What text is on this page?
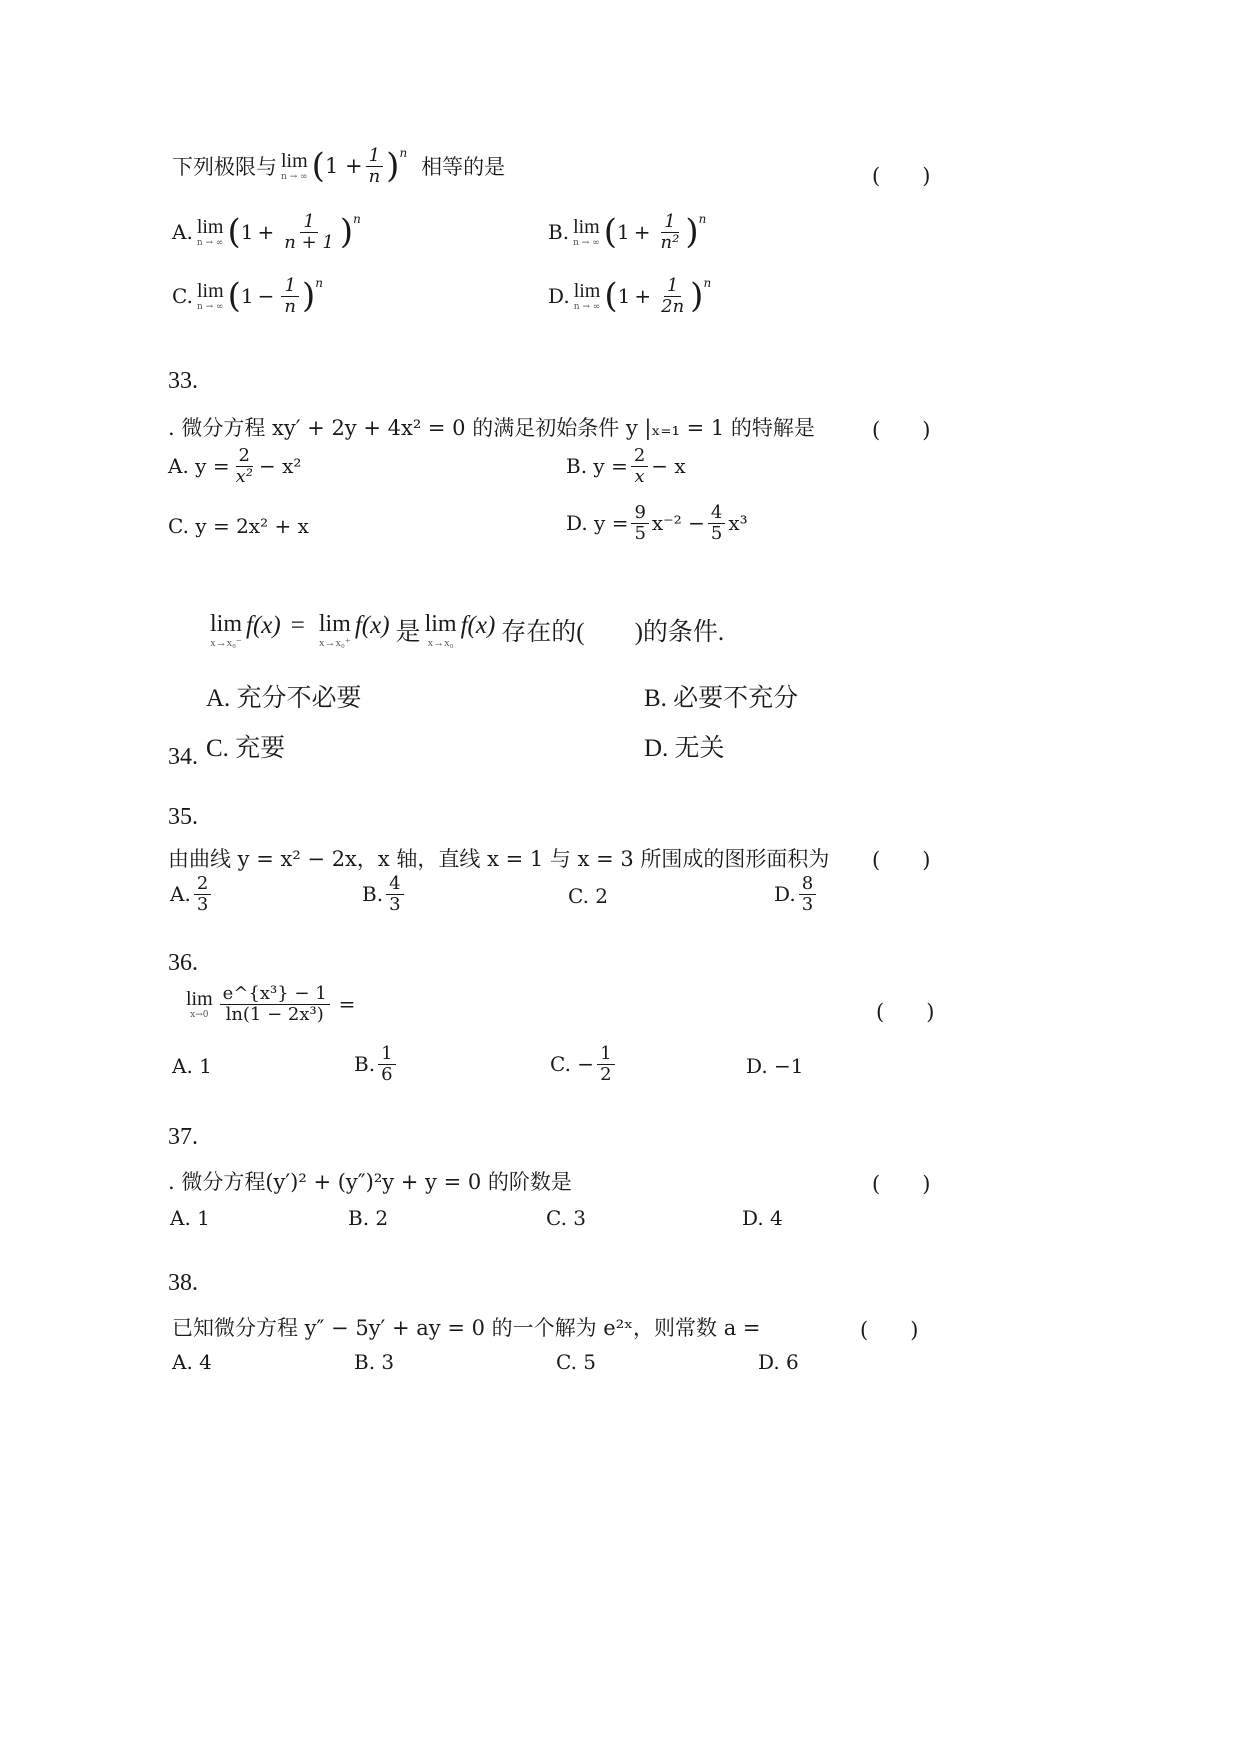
下列极限与 lim
n → ∞ ( $1 + \frac{1}{n} )^n$
相等的是	(　　)
A. lim
n → ∞ ( $1 + \frac{1}{n + 1} )^n$
B. lim
n → ∞ ( $1 + \frac{1}{\text{n²}} )^n$
C. lim
n → ∞ ( $1 - \frac{1}{n} )^n$
D. lim
n → ∞ ( $1 + \frac{1}{2n} )^n$
33.
. 微分方程 xy′ + 2y + 4x² = 0 的满足初始条件 y |ₓ₌₁ = 1 的特解是	(　　)
A. $y = \frac{2}{\text{x²}} - x^2$	B. $y = \frac{2}{x} - x$
C. y = 2x² + x	D. $y = \frac{9}{5} x^{-2} - \frac{4}{5} x^3$
lim
x→x₀⁻
f(x) = lim
x→x₀⁺
f(x) 是 lim
x→x₀
f(x) 存在的(　　)的条件.
A. 充分不必要	B. 必要不充分
C. 充要	D. 无关
34.
35.
由曲线 y = x² − 2x，x 轴，直线 x = 1 与 x = 3 所围成的图形面积为 (　　)
A. $\frac{2}{3}$	B. $\frac{4}{3}$	C. 2	D. $\frac{8}{3}$
36.
lim
$x\to 0 \frac{\text{e\textasciicircum{}\{x³\} − 1}}{\text{ln(1 − 2x³)}}$ =	(　　)
A. 1	B. $\frac{1}{6}$	C. − $\frac{1}{2}$	D. −1
37.
. 微分方程(y′)² + (y″)²y + y = 0 的阶数是	(　　)
A. 1	B. 2	C. 3	D. 4
38.
已知微分方程 y″ − 5y′ + ay = 0 的一个解为 e²ˣ，则常数 a =	(　　)
A. 4	B. 3	C. 5	D. 6
